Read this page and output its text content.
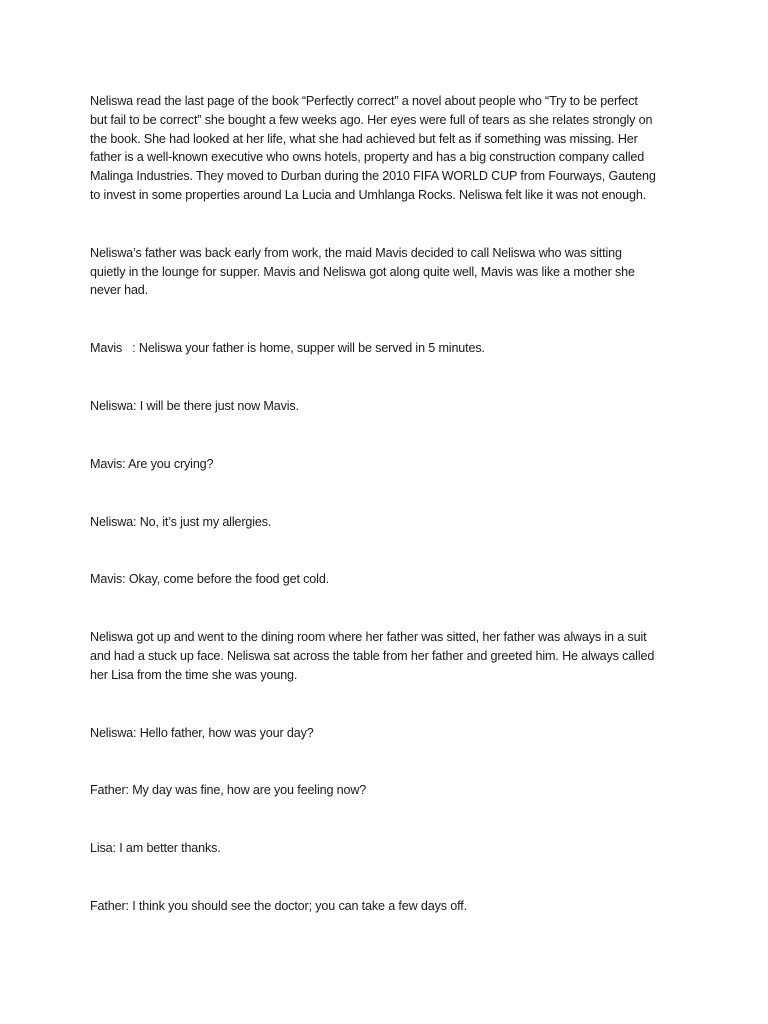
Neliswa read the last page of the book “Perfectly correct” a novel about people who “Try to be perfect
but fail to be correct” she bought a few weeks ago. Her eyes were full of tears as she relates strongly on
the book. She had looked at her life, what she had achieved but felt as if something was missing. Her
father is a well-known executive who owns hotels, property and has a big construction company called
Malinga Industries. They moved to Durban during the 2010 FIFA WORLD CUP from Fourways, Gauteng
to invest in some properties around La Lucia and Umhlanga Rocks. Neliswa felt like it was not enough.
Neliswa’s father was back early from work, the maid Mavis decided to call Neliswa who was sitting
quietly in the lounge for supper. Mavis and Neliswa got along quite well, Mavis was like a mother she
never had.
Mavis   : Neliswa your father is home, supper will be served in 5 minutes.
Neliswa: I will be there just now Mavis.
Mavis: Are you crying?
Neliswa: No, it’s just my allergies.
Mavis: Okay, come before the food get cold.
Neliswa got up and went to the dining room where her father was sitted, her father was always in a suit
and had a stuck up face. Neliswa sat across the table from her father and greeted him. He always called
her Lisa from the time she was young.
Neliswa: Hello father, how was your day?
Father: My day was fine, how are you feeling now?
Lisa: I am better thanks.
Father: I think you should see the doctor; you can take a few days off.
